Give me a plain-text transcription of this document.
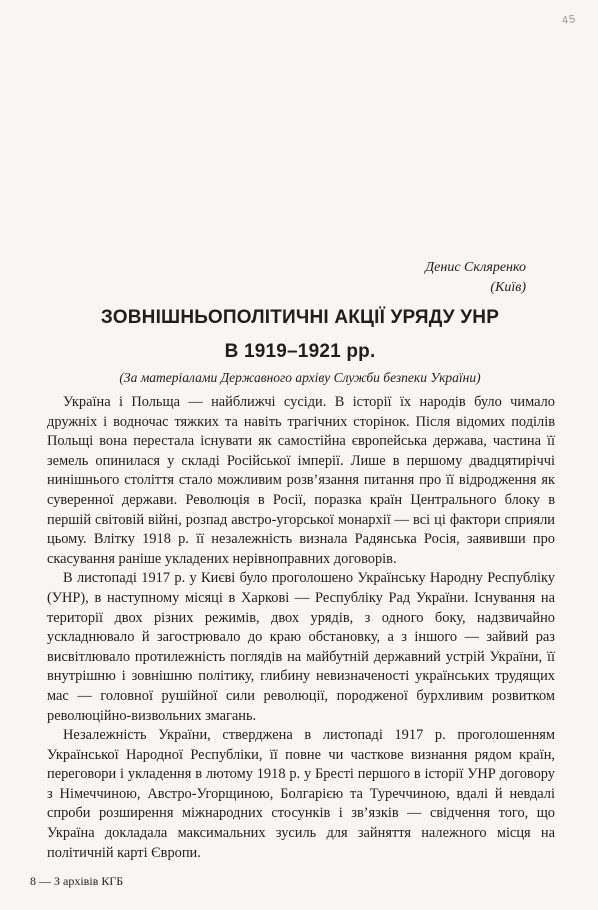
45
Денис Скляренко
(Київ)
ЗОВНІШНЬОПОЛІТИЧНІ АКЦІЇ УРЯДУ УНР
В 1919–1921 рр.
(За матеріалами Державного архіву Служби безпеки України)

Україна і Польща — найближчі сусіди. В історії їх народів було чимало дружніх і водночас тяжких та навіть трагічних сторінок. Після відомих поділів Польщі вона перестала існувати як самостійна європейська держава, частина її земель опинилася у складі Російської імперії. Лише в першому двадцятиріччі нинішнього століття стало можливим розв’язання питання про її відродження як суверенної держави. Революція в Росії, поразка країн Центрального блоку в першій світовій війні, розпад австро-угорської монархії — всі ці фактори сприяли цьому. Влітку 1918 р. її незалежність визнала Радянська Росія, заявивши про скасування раніше укладених нерівноправних договорів.

В листопаді 1917 р. у Києві було проголошено Українську Народну Республіку (УНР), в наступному місяці в Харкові — Республіку Рад України. Існування на території двох різних режимів, двох урядів, з одного боку, надзвичайно ускладнювало й загострювало до краю обстановку, а з іншого — зайвий раз висвітлювало протилежність поглядів на майбутній державний устрій України, її внутрішню і зовнішню політику, глибину невизначеності українських трудящих мас — головної рушійної сили революції, породженої бурхливим розвитком революційно-визвольних змагань.

Незалежність України, стверджена в листопаді 1917 р. проголошенням Української Народної Республіки, її повне чи часткове визнання рядом країн, переговори і укладення в лютому 1918 р. у Бресті першого в історії УНР договору з Німеччиною, Австро-Угорщиною, Болгарією та Туреччиною, вдалі й невдалі спроби розширення міжнародних стосунків і зв’язків — свідчення того, що Україна докладала максимальних зусиль для зайняття належного місця на політичній карті Європи.

8 — З архівів КГБ
